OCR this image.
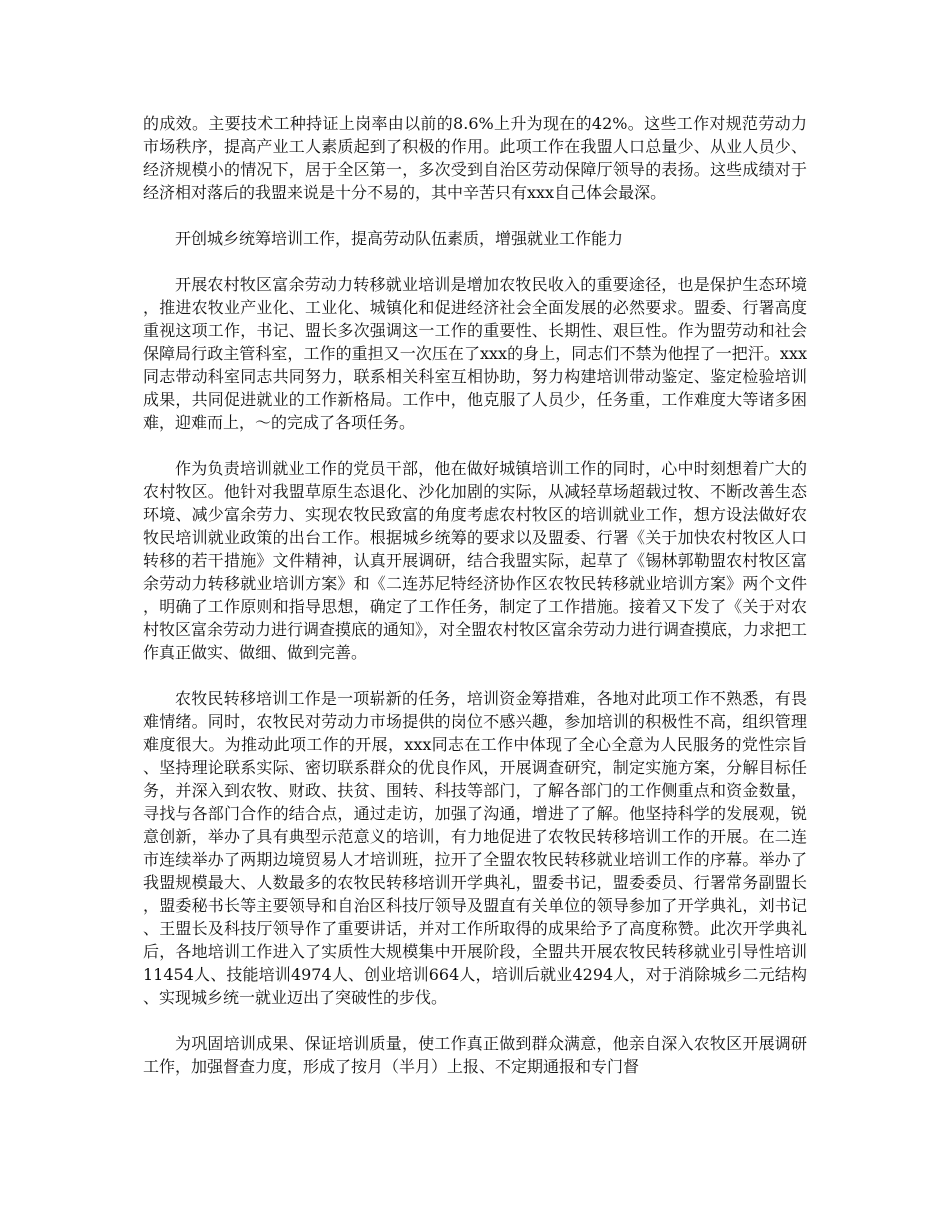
的成效。主要技术工种持证上岗率由以前的8.6%上升为现在的42%。这些工作对规范劳动力市场秩序，提高产业工人素质起到了积极的作用。此项工作在我盟人口总量少、从业人员少、经济规模小的情况下，居于全区第一，多次受到自治区劳动保障厅领导的表扬。这些成绩对于经济相对落后的我盟来说是十分不易的，其中辛苦只有xxx自己体会最深。

开创城乡统筹培训工作，提高劳动队伍素质，增强就业工作能力

开展农村牧区富余劳动力转移就业培训是增加农牧民收入的重要途径，也是保护生态环境，推进农牧业产业化、工业化、城镇化和促进经济社会全面发展的必然要求。盟委、行署高度重视这项工作，书记、盟长多次强调这一工作的重要性、长期性、艰巨性。作为盟劳动和社会保障局行政主管科室，工作的重担又一次压在了xxx的身上，同志们不禁为他捏了一把汗。xxx同志带动科室同志共同努力，联系相关科室互相协助，努力构建培训带动鉴定、鉴定检验培训成果，共同促进就业的工作新格局。工作中，他克服了人员少，任务重，工作难度大等诸多困难，迎难而上，～的完成了各项任务。

作为负责培训就业工作的党员干部，他在做好城镇培训工作的同时，心中时刻想着广大的农村牧区。他针对我盟草原生态退化、沙化加剧的实际，从减轻草场超载过牧、不断改善生态环境、减少富余劳力、实现农牧民致富的角度考虑农村牧区的培训就业工作，想方设法做好农牧民培训就业政策的出台工作。根据城乡统筹的要求以及盟委、行署《关于加快农村牧区人口转移的若干措施》文件精神，认真开展调研，结合我盟实际，起草了《锡林郭勒盟农村牧区富余劳动力转移就业培训方案》和《二连苏尼特经济协作区农牧民转移就业培训方案》两个文件，明确了工作原则和指导思想，确定了工作任务，制定了工作措施。接着又下发了《关于对农村牧区富余劳动力进行调查摸底的通知》，对全盟农村牧区富余劳动力进行调查摸底，力求把工作真正做实、做细、做到完善。

农牧民转移培训工作是一项崭新的任务，培训资金筹措难，各地对此项工作不熟悉，有畏难情绪。同时，农牧民对劳动力市场提供的岗位不感兴趣，参加培训的积极性不高，组织管理难度很大。为推动此项工作的开展，xxx同志在工作中体现了全心全意为人民服务的党性宗旨、坚持理论联系实际、密切联系群众的优良作风，开展调查研究，制定实施方案，分解目标任务，并深入到农牧、财政、扶贫、围转、科技等部门，了解各部门的工作侧重点和资金数量，寻找与各部门合作的结合点，通过走访，加强了沟通，增进了了解。他坚持科学的发展观，锐意创新，举办了具有典型示范意义的培训，有力地促进了农牧民转移培训工作的开展。在二连市连续举办了两期边境贸易人才培训班，拉开了全盟农牧民转移就业培训工作的序幕。举办了我盟规模最大、人数最多的农牧民转移培训开学典礼，盟委书记，盟委委员、行署常务副盟长，盟委秘书长等主要领导和自治区科技厅领导及盟直有关单位的领导参加了开学典礼，刘书记、王盟长及科技厅领导作了重要讲话，并对工作所取得的成果给予了高度称赞。此次开学典礼后，各地培训工作进入了实质性大规模集中开展阶段，全盟共开展农牧民转移就业引导性培训11454人、技能培训4974人、创业培训664人，培训后就业4294人，对于消除城乡二元结构、实现城乡统一就业迈出了突破性的步伐。

为巩固培训成果、保证培训质量，使工作真正做到群众满意，他亲自深入农牧区开展调研工作，加强督查力度，形成了按月（半月）上报、不定期通报和专门督
